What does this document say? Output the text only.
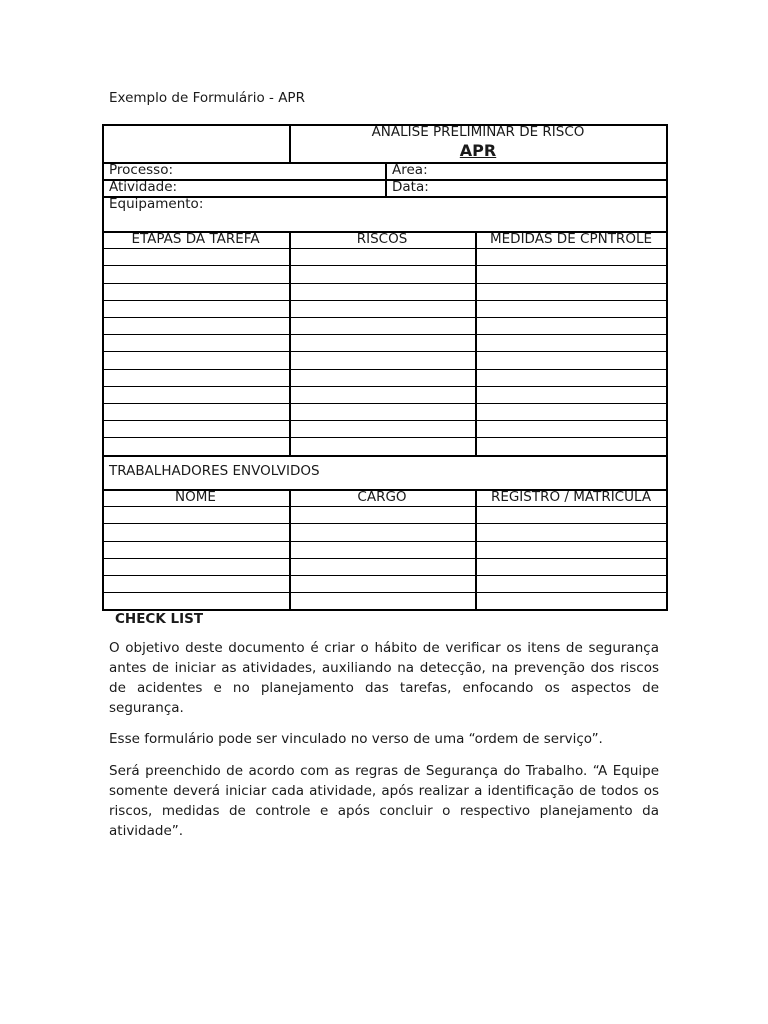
Exemplo de Formulário - APR
ANALISE PRELIMINAR DE RISCO
APR
Processo:	Area:
Atividade:	Data:
Equipamento:
ETAPAS DA TAREFA	RISCOS	MEDIDAS DE CPNTROLE
TRABALHADORES ENVOLVIDOS
NOME	CARGO	REGISTRO / MATRICULA
CHECK LIST
O objetivo deste documento é criar o hábito de verificar os itens de segurança antes de iniciar as atividades, auxiliando na detecção, na prevenção dos riscos de acidentes e no planejamento das tarefas, enfocando os aspectos de segurança.
Esse formulário pode ser vinculado no verso de uma “ordem de serviço”.
Será preenchido de acordo com as regras de Segurança do Trabalho. “A Equipe somente deverá iniciar cada atividade, após realizar a identificação de todos os riscos, medidas de controle e após concluir o respectivo planejamento da atividade”.
